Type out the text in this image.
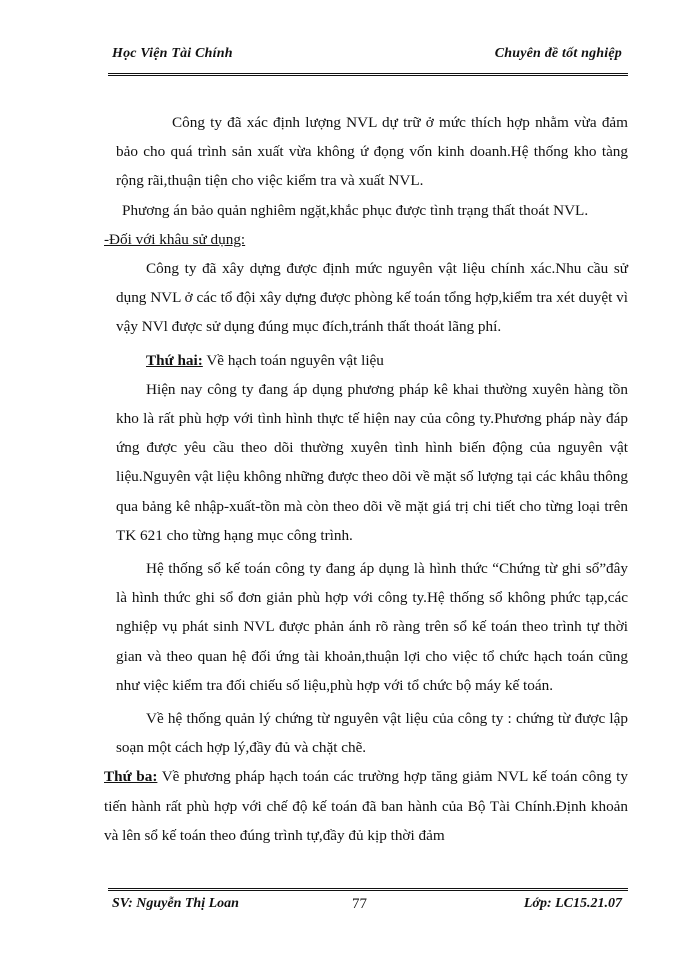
Học Viện Tài Chính	Chuyên đề tốt nghiệp

Công ty đã xác định lượng NVL dự trữ ở mức thích hợp nhằm vừa đảm bảo cho quá trình sản xuất vừa không ứ đọng vốn kinh doanh.Hệ thống kho tàng rộng rãi,thuận tiện cho việc kiểm tra và xuất NVL.

Phương án bảo quản nghiêm ngặt,khắc phục được tình trạng thất thoát NVL.

-Đối với khâu sử dụng:

Công ty đã xây dựng được định mức nguyên vật liệu chính xác.Nhu cầu sử dụng NVL ở các tổ đội xây dựng được phòng kế toán tổng hợp,kiểm tra xét duyệt vì vậy NVl được sử dụng đúng mục đích,tránh thất thoát lãng phí.

Thứ hai: Về hạch toán nguyên vật liệu

Hiện nay công ty đang áp dụng phương pháp kê khai thường xuyên hàng tồn kho là rất phù hợp với tình hình thực tế hiện nay của công ty.Phương pháp này đáp ứng được yêu cầu theo dõi thường xuyên tình hình biến động của nguyên vật liệu.Nguyên vật liệu không những được theo dõi về mặt số lượng tại các khâu thông qua bảng kê nhập-xuất-tồn mà còn theo dõi về mặt giá trị chi tiết cho từng loại trên TK 621 cho từng hạng mục công trình.

Hệ thống sổ kế toán công ty đang áp dụng là hình thức “Chứng từ ghi sổ”đây là hình thức ghi sổ đơn giản phù hợp với công ty.Hệ thống sổ không phức tạp,các nghiệp vụ phát sinh NVL được phản ánh rõ ràng trên sổ kế toán theo trình tự thời gian và theo quan hệ đối ứng tài khoản,thuận lợi cho việc tổ chức hạch toán cũng như việc kiểm tra đối chiếu số liệu,phù hợp với tổ chức bộ máy kế toán.

Về hệ thống quản lý chứng từ nguyên vật liệu của công ty : chứng từ được lập soạn một cách hợp lý,đầy đủ và chặt chẽ.

Thứ ba: Về phương pháp hạch toán các trường hợp tăng giảm NVL kế toán công ty tiến hành rất phù hợp với chế độ kế toán đã ban hành của Bộ Tài Chính.Định khoản và lên sổ kế toán theo đúng trình tự,đầy đủ kịp thời đảm

SV: Nguyễn Thị Loan	77	Lớp: LC15.21.07
